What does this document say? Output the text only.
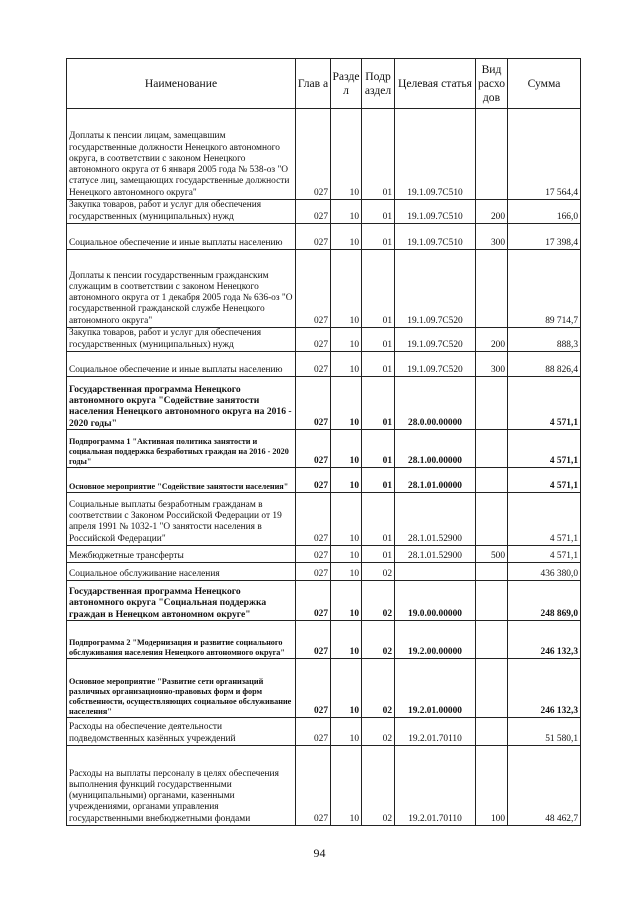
Наименование	Глав а	Разде л	Подр аздел	Целевая статья	Вид расхо дов	Сумма
Доплаты к пенсии лицам, замещавшим государственные должности Ненецкого автономного округа, в соответствии с законом Ненецкого автономного округа от 6 января 2005 года № 538-оз "О статусе лиц, замещающих государственные должности Ненецкого автономного округа"	027	10	01	19.1.09.7С510		17 564,4
Закупка товаров, работ и услуг для обеспечения государственных (муниципальных) нужд	027	10	01	19.1.09.7С510	200	166,0
Социальное обеспечение и иные выплаты населению	027	10	01	19.1.09.7С510	300	17 398,4
Доплаты к пенсии государственным гражданским служащим в соответствии с законом Ненецкого автономного округа от 1 декабря 2005 года № 636-оз "О государственной гражданской службе Ненецкого автономного округа"	027	10	01	19.1.09.7С520		89 714,7
Закупка товаров, работ и услуг для обеспечения государственных (муниципальных) нужд	027	10	01	19.1.09.7С520	200	888,3
Социальное обеспечение и иные выплаты населению	027	10	01	19.1.09.7С520	300	88 826,4
Государственная программа Ненецкого автономного округа "Содействие занятости населения Ненецкого автономного округа на 2016 - 2020 годы"	027	10	01	28.0.00.00000		4 571,1
Подпрограмма 1 "Активная политика занятости и социальная поддержка безработных граждан на 2016 - 2020 годы"	027	10	01	28.1.00.00000		4 571,1
Основное мероприятие "Содействие занятости населения"	027	10	01	28.1.01.00000		4 571,1
Социальные выплаты безработным гражданам в соответствии с Законом Российской Федерации от 19 апреля 1991 № 1032-1 "О занятости населения в Российской Федерации"	027	10	01	28.1.01.52900		4 571,1
Межбюджетные трансферты	027	10	01	28.1.01.52900	500	4 571,1
Социальное обслуживание населения	027	10	02			436 380,0
Государственная программа Ненецкого автономного округа "Социальная поддержка граждан в Ненецком автономном округе"	027	10	02	19.0.00.00000		248 869,0
Подпрограмма 2 "Модернизация и развитие социального обслуживания населения Ненецкого автономного округа"	027	10	02	19.2.00.00000		246 132,3
Основное мероприятие "Развитие сети организаций различных организационно-правовых форм и форм собственности, осуществляющих социальное обслуживание населения"	027	10	02	19.2.01.00000		246 132,3
Расходы на обеспечение деятельности подведомственных казённых учреждений	027	10	02	19.2.01.70110		51 580,1
Расходы на выплаты персоналу в целях обеспечения выполнения функций государственными (муниципальными) органами, казенными учреждениями, органами управления государственными внебюджетными фондами	027	10	02	19.2.01.70110	100	48 462,7
94
